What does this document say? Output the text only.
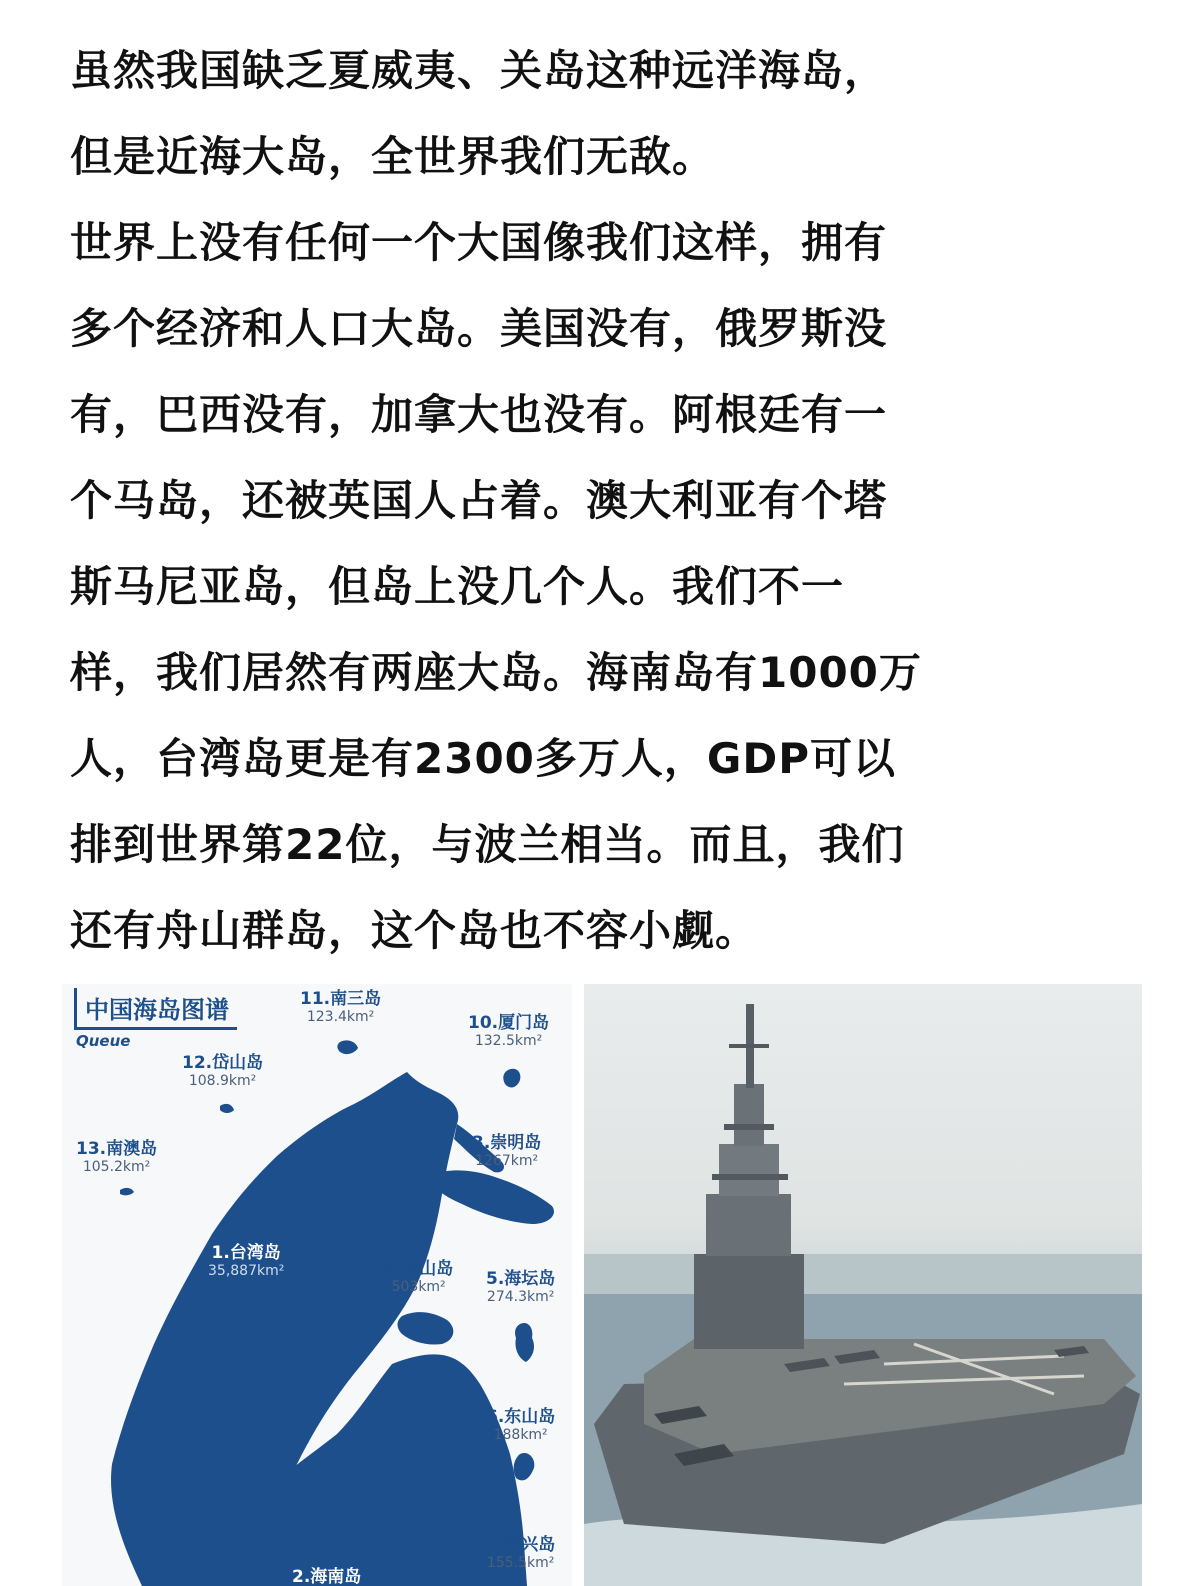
虽然我国缺乏夏威夷、关岛这种远洋海岛，
但是近海大岛，全世界我们无敌。
世界上没有任何一个大国像我们这样，拥有
多个经济和人口大岛。美国没有，俄罗斯没
有，巴西没有，加拿大也没有。阿根廷有一
个马岛，还被英国人占着。澳大利亚有个塔
斯马尼亚岛，但岛上没几个人。我们不一
样，我们居然有两座大岛。海南岛有1000万
人，台湾岛更是有2300多万人，GDP可以
排到世界第22位，与波兰相当。而且，我们
还有舟山群岛，这个岛也不容小觑。
中国海岛图谱
Queue
11.南三岛
123.4km²	10.厦门岛
132.5km²
12.岱山岛
108.9km²
13.南澳岛
105.2km²
3.崇明岛
1267km²
1.台湾岛
35,887km²	4.舟山岛
503km²	5.海坛岛
274.3km²
6.东山岛
188km²
7.长兴岛
155.5km²
2.海南岛
